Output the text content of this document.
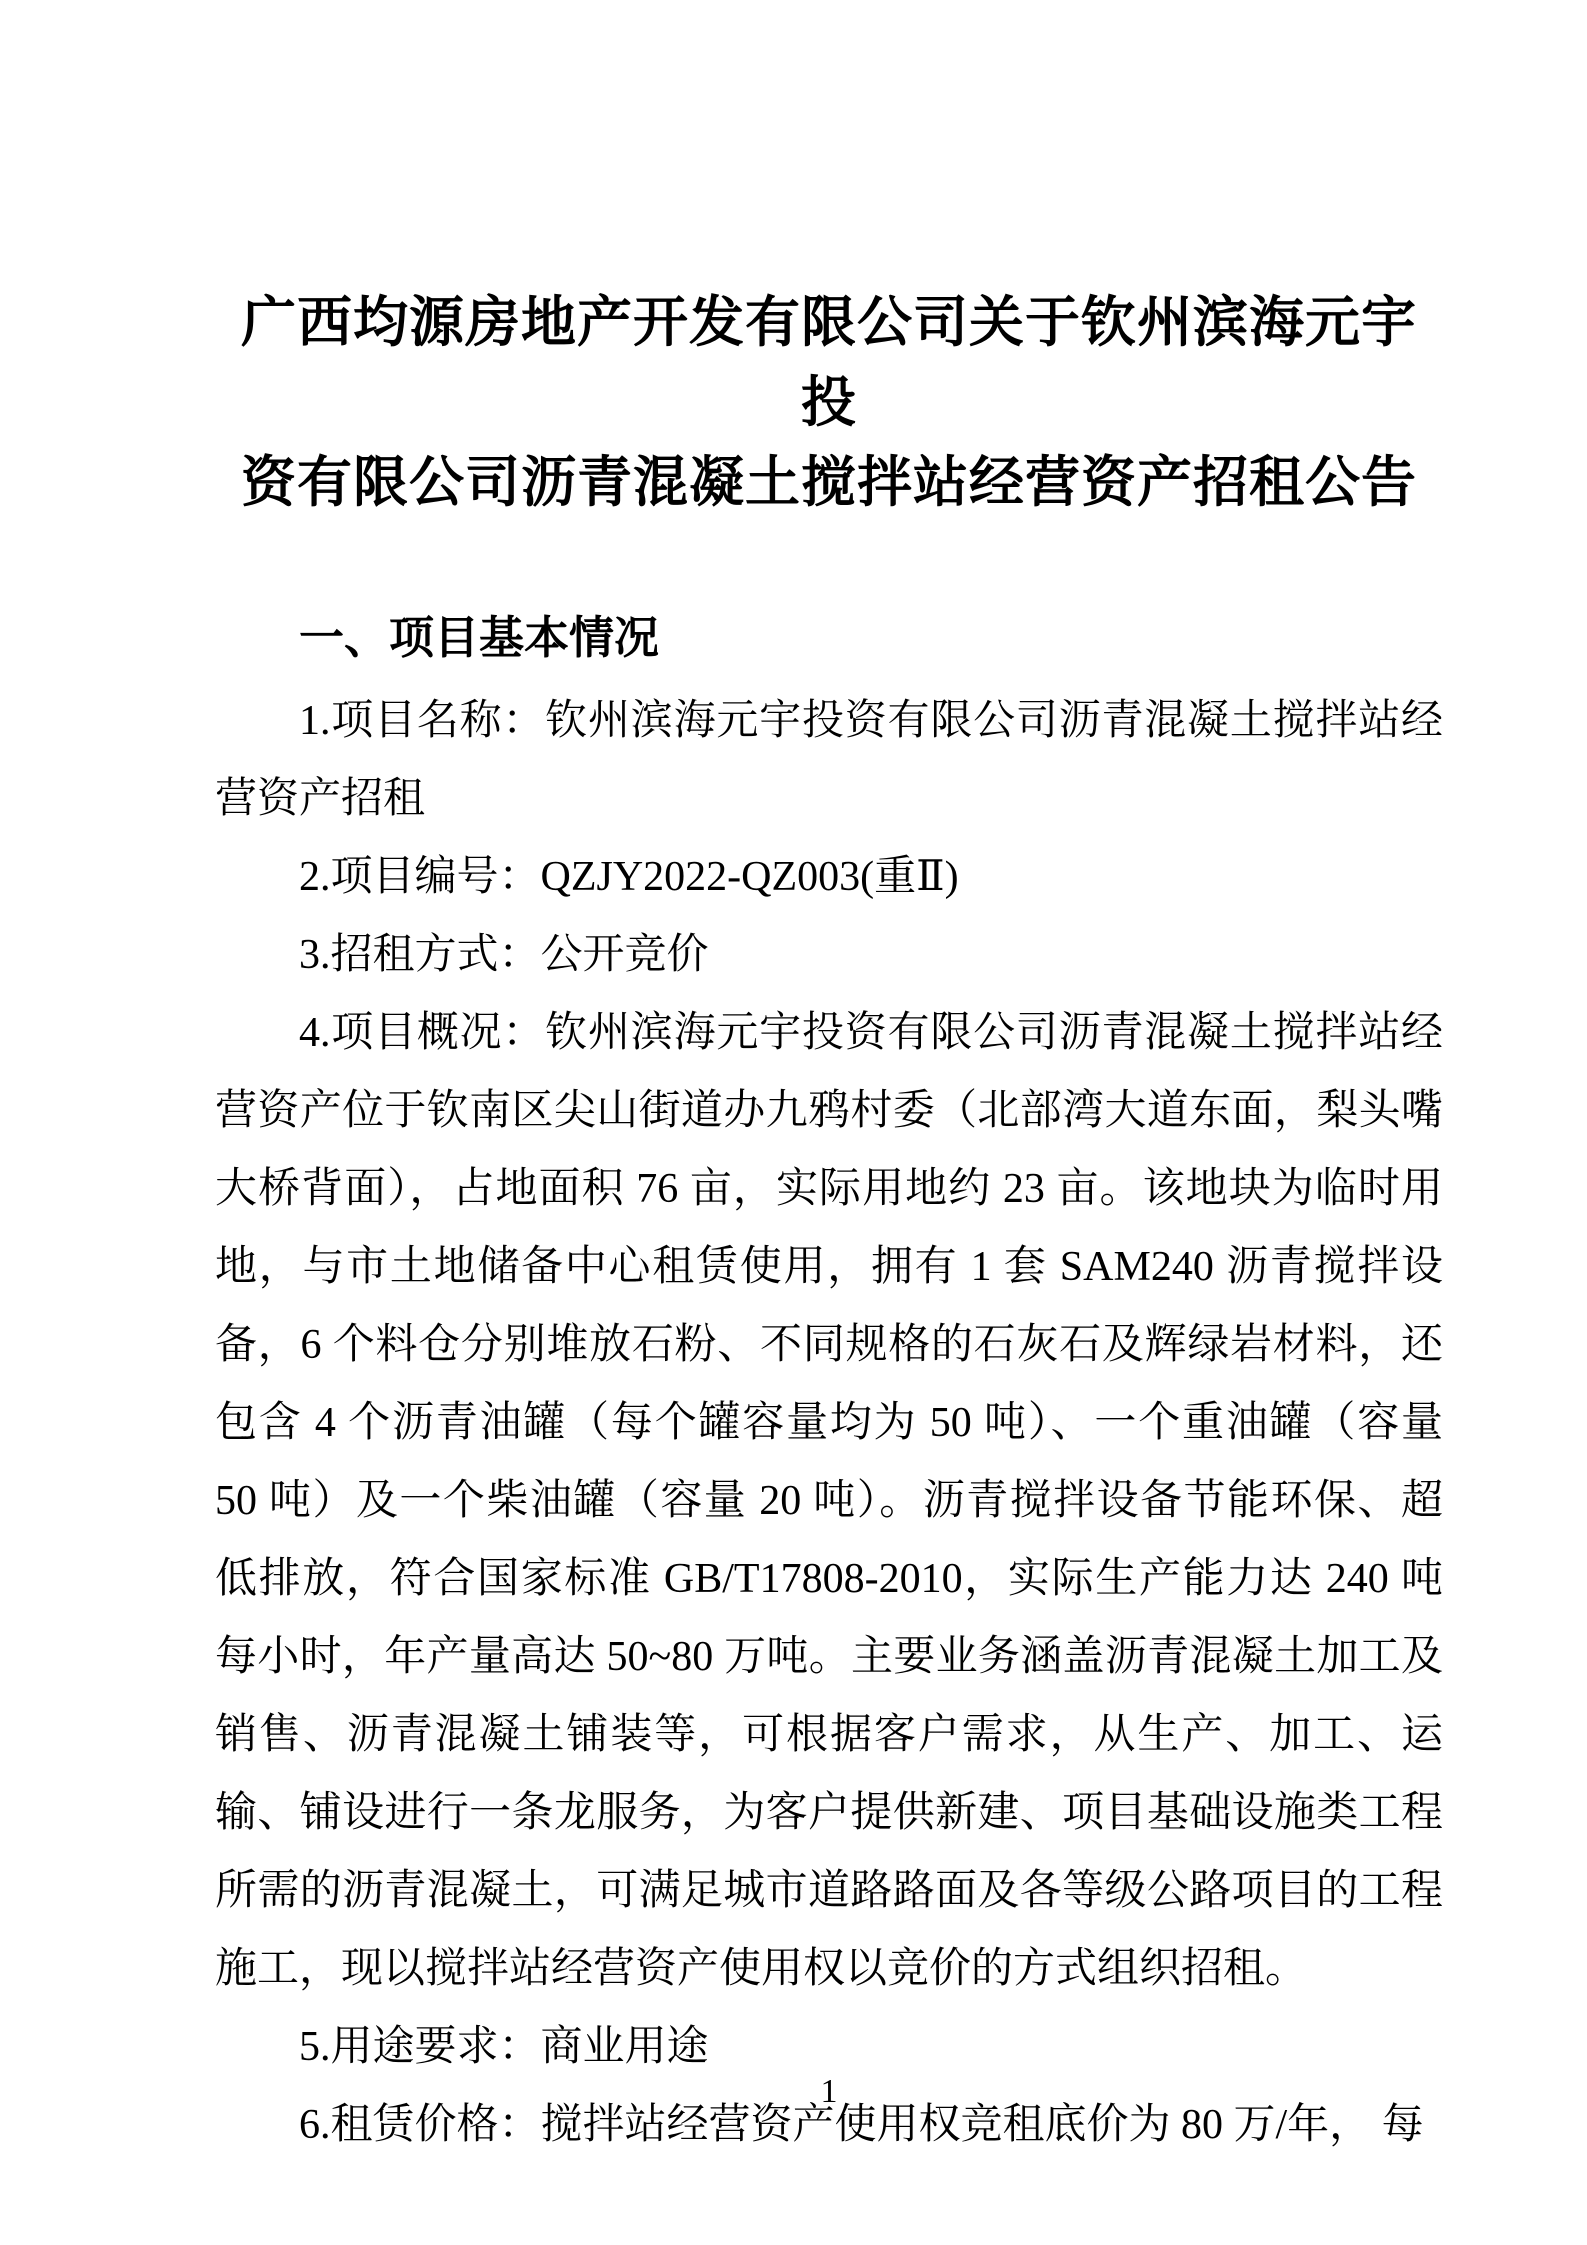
广西均源房地产开发有限公司关于钦州滨海元宇投
资有限公司沥青混凝土搅拌站经营资产招租公告
一、项目基本情况

1.项目名称：钦州滨海元宇投资有限公司沥青混凝土搅拌站经营资产招租

2.项目编号：QZJY2022-QZ003(重Ⅱ)

3.招租方式：公开竞价

4.项目概况：钦州滨海元宇投资有限公司沥青混凝土搅拌站经营资产位于钦南区尖山街道办九鸦村委（北部湾大道东面，梨头嘴大桥背面），占地面积 76 亩，实际用地约 23 亩。该地块为临时用地，与市土地储备中心租赁使用，拥有 1 套 SAM240 沥青搅拌设备，6 个料仓分别堆放石粉、不同规格的石灰石及辉绿岩材料，还包含 4 个沥青油罐（每个罐容量均为 50 吨）、一个重油罐（容量 50 吨）及一个柴油罐（容量 20 吨）。沥青搅拌设备节能环保、超低排放，符合国家标准 GB/T17808-2010，实际生产能力达 240 吨每小时，年产量高达 50~80 万吨。主要业务涵盖沥青混凝土加工及销售、沥青混凝土铺装等，可根据客户需求，从生产、加工、运输、铺设进行一条龙服务，为客户提供新建、项目基础设施类工程所需的沥青混凝土，可满足城市道路路面及各等级公路项目的工程施工，现以搅拌站经营资产使用权以竞价的方式组织招租。

5.用途要求：商业用途

6.租赁价格：搅拌站经营资产使用权竞租底价为 80 万/年， 每

1
